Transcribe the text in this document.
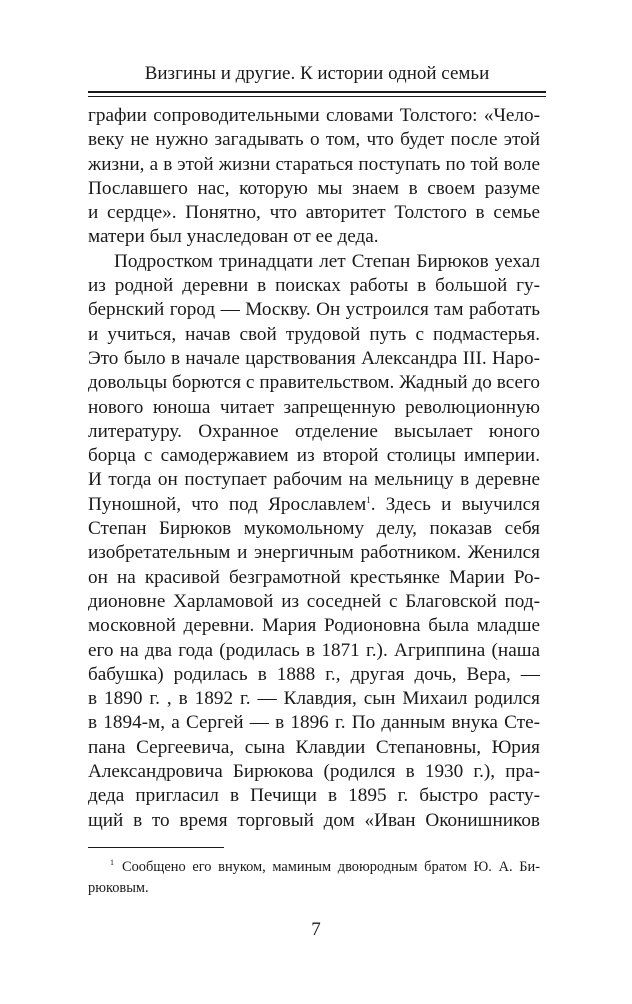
Визгины и другие. К истории одной семьи
графии сопроводительными словами Толстого: «Чело-
веку не нужно загадывать о том, что будет после этой
жизни, а в этой жизни стараться поступать по той воле
Пославшего нас, которую мы знаем в своем разуме
и сердце». Понятно, что авторитет Толстого в семье
матери был унаследован от ее деда.
Подростком тринадцати лет Степан Бирюков уехал
из родной деревни в поисках работы в большой гу-
бернский город — Москву. Он устроился там работать
и учиться, начав свой трудовой путь с подмастерья.
Это было в начале царствования Александра III. Наро-
довольцы борются с правительством. Жадный до всего
нового юноша читает запрещенную революционную
литературу. Охранное отделение высылает юного
борца с самодержавием из второй столицы империи.
И тогда он поступает рабочим на мельницу в деревне
Пуношной, что под Ярославлем$^1$. Здесь и выучился
Степан Бирюков мукомольному делу, показав себя
изобретательным и энергичным работником. Женился
он на красивой безграмотной крестьянке Марии Ро-
дионовне Харламовой из соседней с Благовской под-
московной деревни. Мария Родионовна была младше
его на два года (родилась в 1871 г.). Агриппина (наша
бабушка) родилась в 1888 г., другая дочь, Вера, —
в 1890 г. , в 1892 г. — Клавдия, сын Михаил родился
в 1894-м, а Сергей — в 1896 г. По данным внука Сте-
пана Сергеевича, сына Клавдии Степановны, Юрия
Александровича Бирюкова (родился в 1930 г.), пра-
деда пригласил в Печищи в 1895 г. быстро расту-
щий в то время торговый дом «Иван Оконишников
$^1$ Сообщено его внуком, маминым двоюродным братом Ю. А. Би-
рюковым.
7
